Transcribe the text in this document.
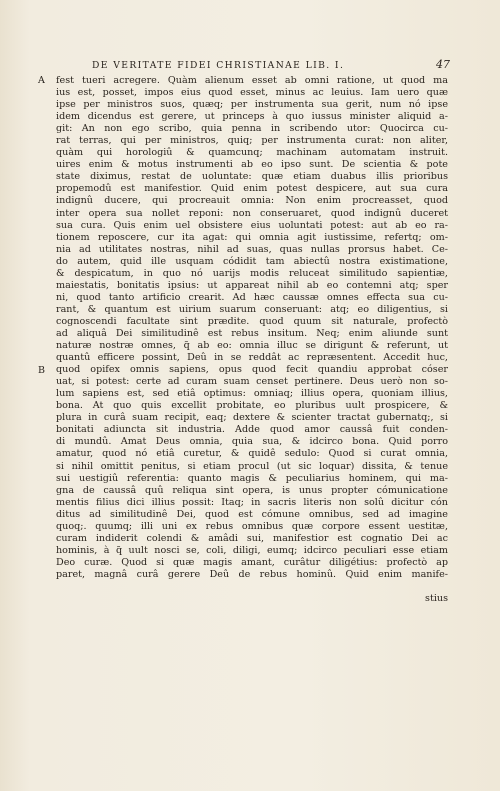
DE VERITATE FIDEI CHRISTIANAE LIB. I.	47
A
B
fest tueri acregere. Quàm alienum esset ab omni ratione, ut quod ma
ius est, posset, impos eius quod esset, minus ac leuius. Iam uero quæ
ipse per ministros suos, quæq; per instrumenta sua gerit, num nó ipse
idem dicendus est gerere, ut princeps à quo iussus minister aliquid a-
git: An non ego scribo, quia penna in scribendo utor: Quocirca cu-
rat terras, qui per ministros, quiq; per instrumenta curat: non aliter,
quàm qui horologiû & quamcunq; machinam automatam instruit.
uires enim & motus instrumenti ab eo ipso sunt. De scientia & pote
state diximus, restat de uoluntate: quæ etiam duabus illis prioribus
propemodû est manifestior. Quid enim potest despicere, aut sua cura
indignû ducere, qui procreauit omnia: Non enim procreasset, quod
inter opera sua nollet reponi: non conseruaret, quod indignû duceret
sua cura. Quis enim uel obsistere eius uoluntati potest: aut ab eo ra-
tionem reposcere, cur ita agat: qui omnia agit iustissime, refertq; om-
nia ad utilitates nostras, nihil ad suas, quas nullas prorsus habet. Ce-
do autem, quid ille usquam códidit tam abiectû nostra existimatione,
& despicatum, in quo nó uarijs modis reluceat similitudo sapientiæ,
maiestatis, bonitatis ipsius: ut appareat nihil ab eo contemni atq; sper
ni, quod tanto artificio crearit. Ad hæc caussæ omnes effecta sua cu-
rant, & quantum est uirium suarum conseruant: atq; eo diligentius, si
cognoscendi facultate sint prædite. quod quum sit naturale, profectò
ad aliquâ Dei similitudinê est rebus insitum. Neq; enim aliunde sunt
naturæ nostræ omnes, q̃ ab eo: omnia illuc se dirigunt & referunt, ut
quantû efficere possint, Deû in se reddât ac repræsentent. Accedit huc,
quod opifex omnis sapiens, opus quod fecit quandiu approbat cóser
uat, si potest: certe ad curam suam censet pertinere. Deus uerò non so-
lum sapiens est, sed etiâ optimus: omniaq; illius opera, quoniam illius,
bona. At quo quis excellit probitate, eo pluribus uult prospicere, &
plura in curâ suam recipit, eaq; dextere & scienter tractat gubernatq;, si
bonitati adiuncta sit industria. Adde quod amor caussâ fuit conden-
di mundû. Amat Deus omnia, quia sua, & idcirco bona. Quid porro
amatur, quod nó etiâ curetur, & quidê sedulo: Quod si curat omnia,
si nihil omittit penitus, si etiam procul (ut sic loquar) dissita, & tenue
sui uestigiû referentia: quanto magis & peculiarius hominem, qui ma-
gna de caussâ quû reliqua sint opera, is unus propter cómunicatione
mentis filius dici illius possit: Itaq; in sacris literis non solû dicitur cón
ditus ad similitudinê Dei, quod est cómune omnibus, sed ad imagine
quoq;. quumq; illi uni ex rebus omnibus quæ corpore essent uestitæ,
curam indiderit colendi & amâdi sui, manifestior est cognatio Dei ac
hominis, à q̃ uult nosci se, coli, diligi, eumq; idcirco peculiari esse etiam
Deo curæ. Quod si quæ magis amant, curâtur diligétius: profectò ap
paret, magnâ curâ gerere Deû de rebus hominû. Quid enim manife-
stius
